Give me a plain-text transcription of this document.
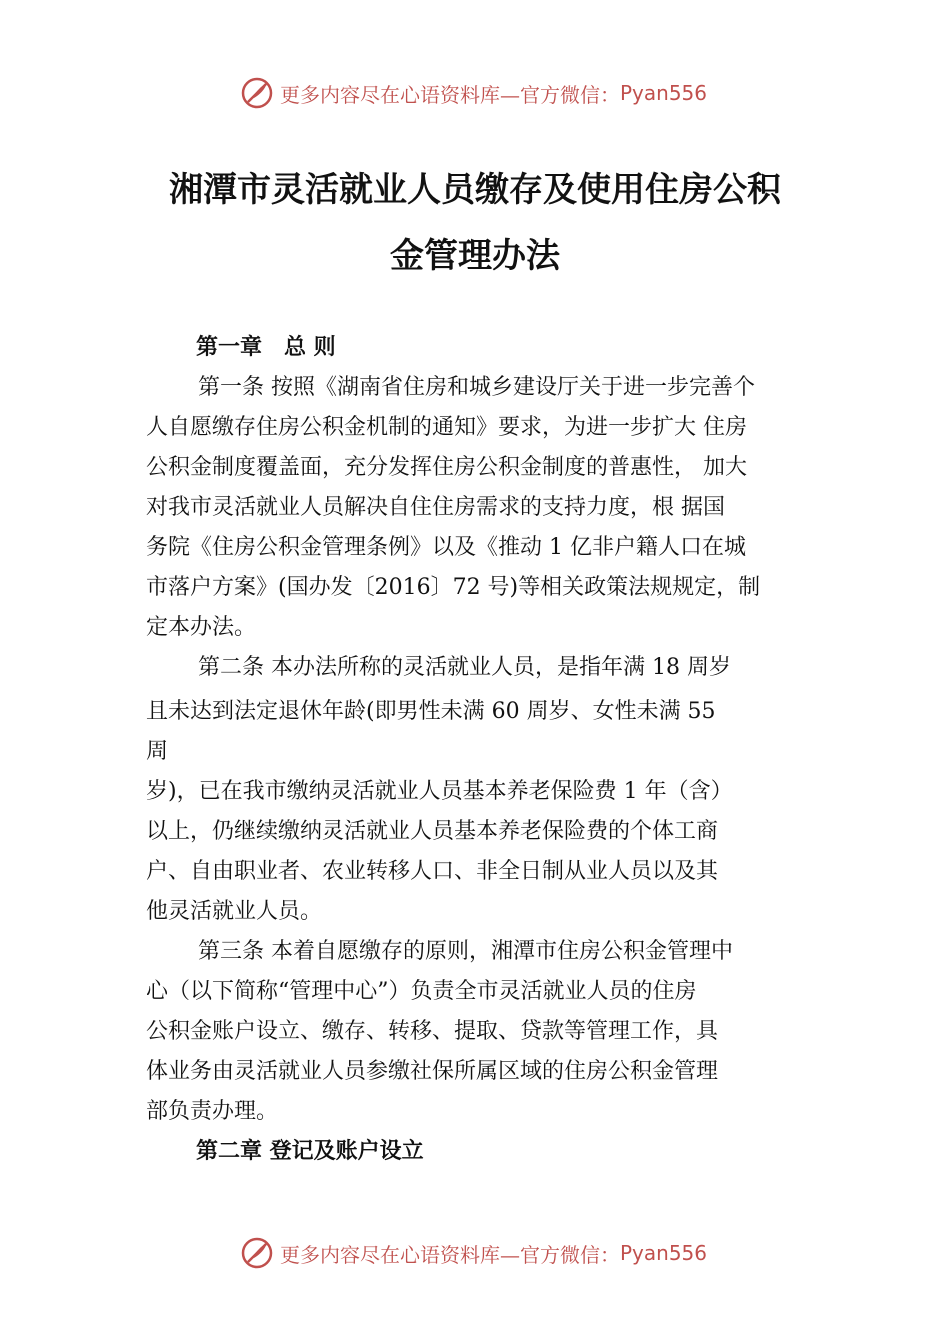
更多内容尽在心语资料库—官方微信： Pyan556
湘潭市灵活就业人员缴存及使用住房公积
金管理办法
第一章　总 则
第一条 按照《湖南省住房和城乡建设厅关于进一步完善个
人自愿缴存住房公积金机制的通知》要求，为进一步扩大 住房
公积金制度覆盖面，充分发挥住房公积金制度的普惠性， 加大
对我市灵活就业人员解决自住住房需求的支持力度，根 据国
务院《住房公积金管理条例》以及《推动 1 亿非户籍人口在城
市落户方案》(国办发〔2016〕72 号)等相关政策法规规定，制
定本办法。
第二条 本办法所称的灵活就业人员，是指年满 18 周岁
且未达到法定退休年龄(即男性未满 60 周岁、女性未满 55
周
岁)，已在我市缴纳灵活就业人员基本养老保险费 1 年（含）
以上，仍继续缴纳灵活就业人员基本养老保险费的个体工商
户、自由职业者、农业转移人口、非全日制从业人员以及其
他灵活就业人员。
第三条 本着自愿缴存的原则，湘潭市住房公积金管理中
心（以下简称“管理中心”）负责全市灵活就业人员的住房
公积金账户设立、缴存、转移、提取、贷款等管理工作，具
体业务由灵活就业人员参缴社保所属区域的住房公积金管理
部负责办理。
第二章 登记及账户设立
更多内容尽在心语资料库—官方微信： Pyan556
